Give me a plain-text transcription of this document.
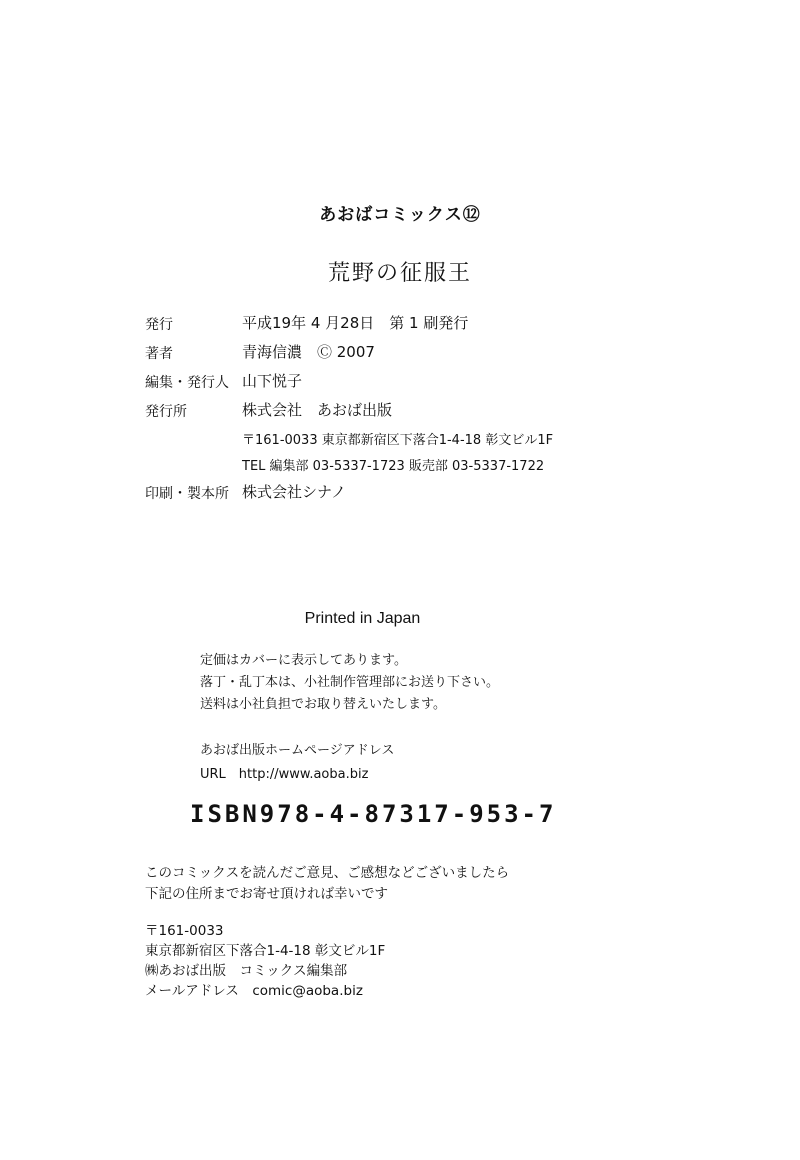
あおばコミックス⑫
荒野の征服王
発行	平成19年 4 月28日　第 1 刷発行
著者	青海信濃　Ⓒ 2007
編集・発行人 山下悦子
発行所	株式会社　あおば出版
〒161-0033 東京都新宿区下落合1-4-18 彰文ビル1F
TEL 編集部 03-5337-1723 販売部 03-5337-1722
印刷・製本所 株式会社シナノ
Printed in Japan
定価はカバーに表示してあります。
落丁・乱丁本は、小社制作管理部にお送り下さい。
送料は小社負担でお取り替えいたします。
あおば出版ホームページアドレス
URL　http://www.aoba.biz
ISBN978-4-87317-953-7
このコミックスを読んだご意見、ご感想などございましたら
下記の住所までお寄せ頂ければ幸いです
〒161-0033
東京都新宿区下落合1-4-18 彰文ビル1F
㈱あおば出版　コミックス編集部
メールアドレス　comic@aoba.biz
